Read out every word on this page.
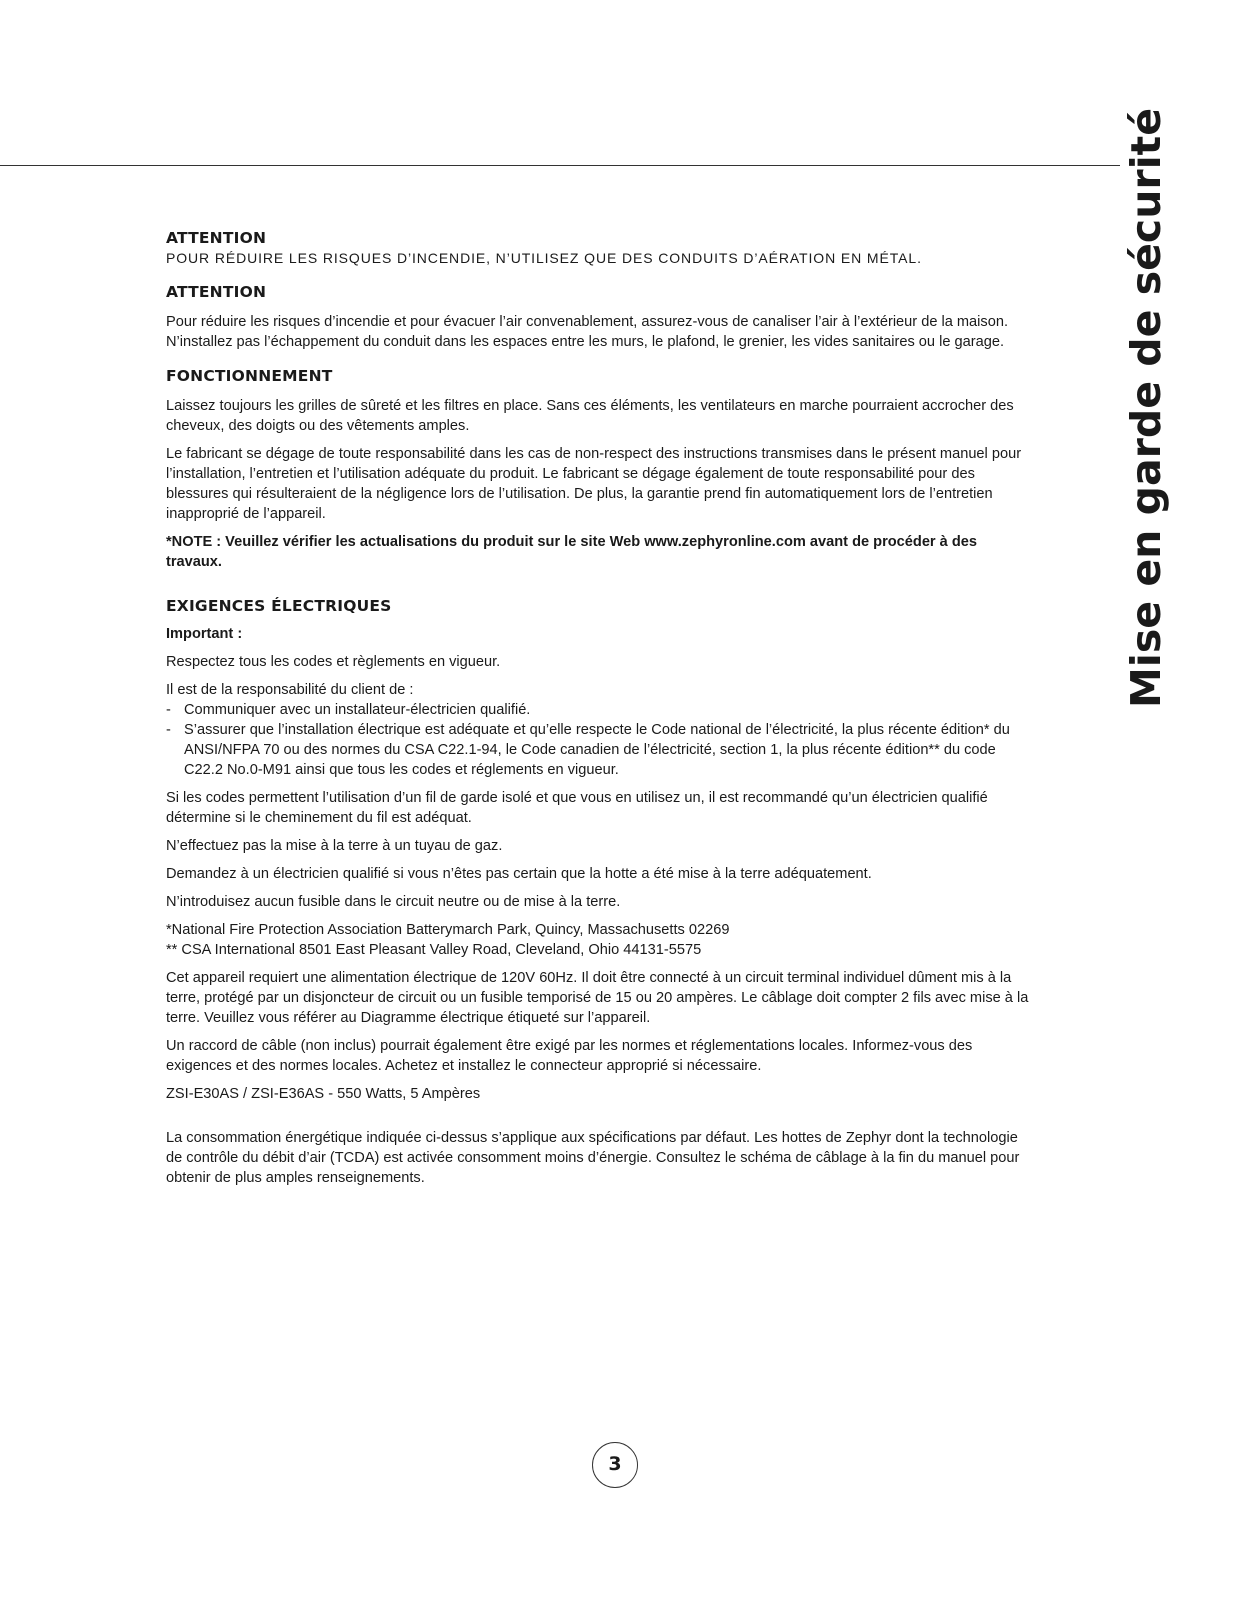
Mise en garde de sécurité

ATTENTION

POUR RÉDUIRE LES RISQUES D’INCENDIE, N’UTILISEZ QUE DES CONDUITS D’AÉRATION EN MÉTAL.

ATTENTION

Pour réduire les risques d’incendie et pour évacuer l’air convenablement, assurez-vous de canaliser l’air à l’extérieur de la maison. N’installez pas l’échappement du conduit dans les espaces entre les murs, le plafond, le grenier, les vides sanitaires ou le garage.

FONCTIONNEMENT

Laissez toujours les grilles de sûreté et les filtres en place. Sans ces éléments, les ventilateurs en marche pourraient accrocher des cheveux, des doigts ou des vêtements amples.

Le fabricant se dégage de toute responsabilité dans les cas de non-respect des instructions transmises dans le présent manuel pour l’installation, l’entretien et l’utilisation adéquate du produit. Le fabricant se dégage également de toute responsabilité pour des blessures qui résulteraient de la négligence lors de l’utilisation. De plus, la garantie prend fin automatiquement lors de l’entretien inapproprié de l’appareil.

*NOTE : Veuillez vérifier les actualisations du produit sur le site Web www.zephyronline.com avant de procéder à des travaux.

EXIGENCES ÉLECTRIQUES

Important :

Respectez tous les codes et règlements en vigueur.

Il est de la responsabilité du client de :

- Communiquer avec un installateur-électricien qualifié.
- S’assurer que l’installation électrique est adéquate et qu’elle respecte le Code national de l’électricité, la plus récente édition* du ANSI/NFPA 70 ou des normes du CSA C22.1-94, le Code canadien de l’électricité, section 1, la plus récente édition** du code C22.2 No.0-M91 ainsi que tous les codes et réglements en vigueur.

Si les codes permettent l’utilisation d’un fil de garde isolé et que vous en utilisez un, il est recommandé qu’un électricien qualifié détermine si le cheminement du fil est adéquat.

N’effectuez pas la mise à la terre à un tuyau de gaz.

Demandez à un électricien qualifié si vous n’êtes pas certain que la hotte a été mise à la terre adéquatement.

N’introduisez aucun fusible dans le circuit neutre ou de mise à la terre.

*National Fire Protection Association Batterymarch Park, Quincy, Massachusetts 02269

** CSA International 8501 East Pleasant Valley Road, Cleveland, Ohio 44131-5575

Cet appareil requiert une alimentation électrique de 120V 60Hz. Il doit être connecté à un circuit terminal individuel dûment mis à la terre, protégé par un disjoncteur de circuit ou un fusible temporisé de 15 ou 20 ampères. Le câblage doit compter 2 fils avec mise à la terre. Veuillez vous référer au Diagramme électrique étiqueté sur l’appareil.

Un raccord de câble (non inclus) pourrait également être exigé par les normes et réglementations locales. Informez-vous des exigences et des normes locales. Achetez et installez le connecteur approprié si nécessaire.

ZSI-E30AS / ZSI-E36AS - 550 Watts, 5 Ampères

La consommation énergétique indiquée ci-dessus s’applique aux spécifications par défaut. Les hottes de Zephyr dont la technologie de contrôle du débit d’air (TCDA) est activée consomment moins d’énergie. Consultez le schéma de câblage à la fin du manuel pour obtenir de plus amples renseignements.

3
